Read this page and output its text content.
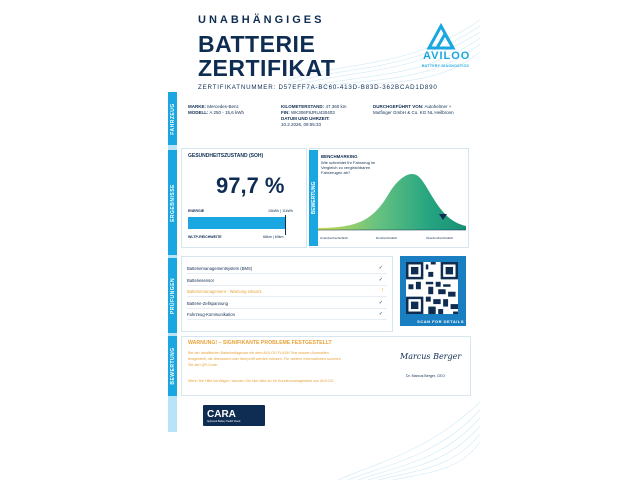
FAHRZEUG
ERGEBNISSE
PRÜFUNGEN
BEWERTUNG
UNABHÄNGIGES
BATTERIE
ZERTIFIKAT
ZERTIFIKATNUMMER: D57EFF7A-BC60-413D-B83D-362BCAD1D890
AVILOO
BATTERY DIAGNOSTICS
MARKE: Mercedes-Benz
MODELL: A 250 - 15,6 kWh
KILOMETERSTAND: 47.360 km
FIN: WK306F8JRU430403
DATUM UND UHRZEIT:
10.2.2026, 09:55:33
DURCHGEFÜHRT VON: Autohelmer + Mutfinger GmbH & Co. KG NL Heilbronn
GESUNDHEITSZUSTAND (SOH)
97,7 %
ENERGIE	15kWh | 11kWh
WLTP-REICHWEITE	68km | 69km
BEWERTUNG
BENCHMARKING
Wie schneidet Ihr Fahrzeug im Vergleich zu vergleichbaren Fahrzeugen ab?
Unterdurchschnittlich	Durchschnittlich	Überdurchschnittlich
Batteriemanagementsystem (BMS)	✓
Batteriesensor	✓
Batteriemanagement - Warnung erkannt	!
Batterie-Zellspannung	✓
Fahrzeug-Kommunikation	✓
SCAN FOR DETAILS
WARNUNG! – SIGNIFIKANTE PROBLEME FESTGESTELLT
Bei der detaillierten Batteriediagnose mit dem AVILOO FLASH Test wurden Anomalien
festgestellt, die überwacht oder überprüft werden müssen. Für weitere Informationen scannen
Sie den QR-Code.
Wenn Sie Hilfe benötigen, wenden Sie sich bitte an Ihr Kundenmanagement von AVILOO.
Marcus Berger
Dr. Marcus Berger, CEO
CARA
Approved Battery Health Check
